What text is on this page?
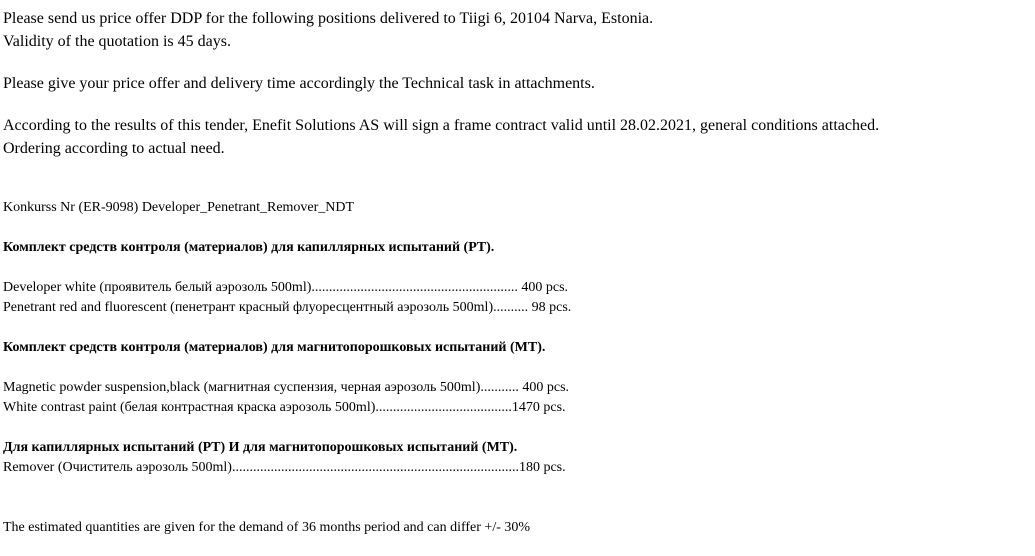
Please send us price offer DDP for the following positions delivered to Tiigi 6, 20104 Narva, Estonia.
Validity of the quotation is 45 days.
Please give your price offer and delivery time accordingly the Technical task in attachments.
According to the results of this tender, Enefit Solutions AS will sign a frame contract valid until 28.02.2021, general conditions attached.
Ordering according to actual need.
Konkurss Nr (ER-9098) Developer_Penetrant_Remover_NDT
Комплект средств контроля (материалов) для капиллярных испытаний (PT).
Developer white (проявитель белый аэрозоль 500ml)........................................................... 400 pcs.
Penetrant red and fluorescent (пенетрант красный флуоресцентный аэрозоль 500ml).......... 98 pcs.
Комплект средств контроля (материалов) для магнитопорошковых испытаний (MT).
Magnetic powder suspension,black (магнитная суспензия, черная аэрозоль 500ml)........... 400 pcs.
White contrast paint (белая контрастная краска аэрозоль 500ml).......................................1470 pcs.
Для капиллярных испытаний (PT) И для магнитопорошковых испытаний (MT).
Remover (Очиститель аэрозоль 500ml)..................................................................................180 pcs.
The estimated quantities are given for the demand of 36 months period and can differ +/- 30%
